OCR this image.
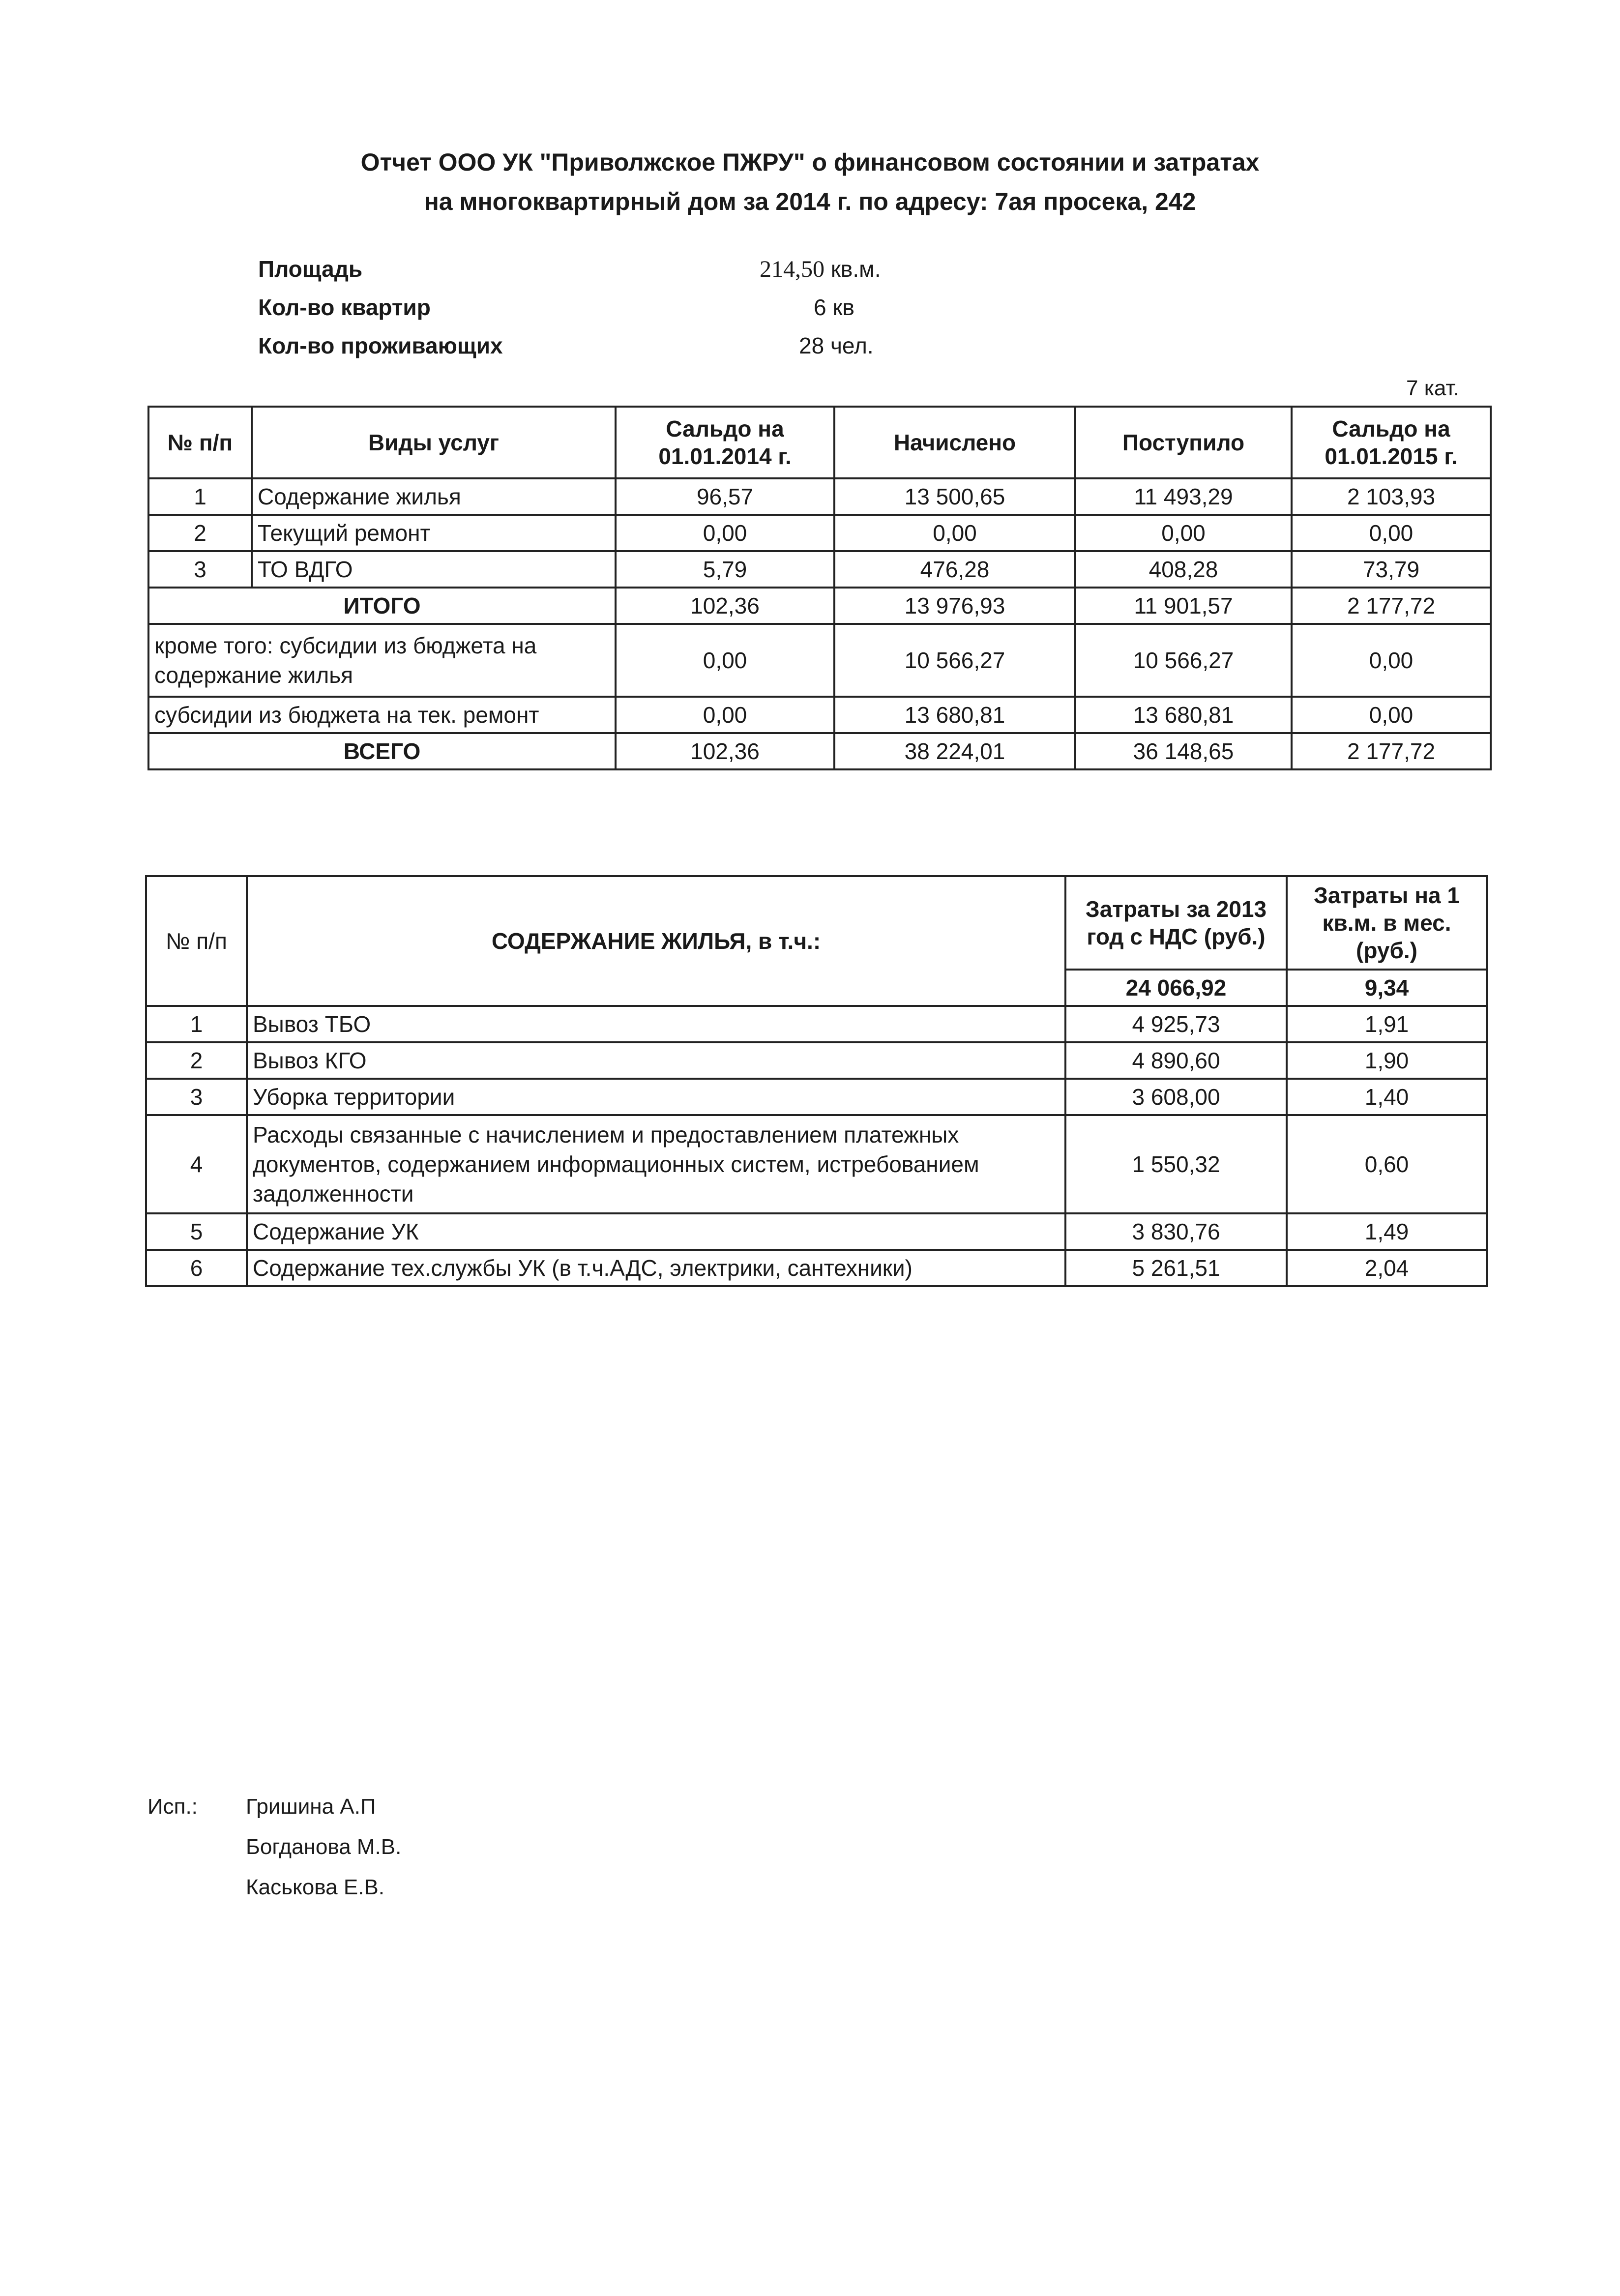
Отчет ООО УК "Приволжское ПЖРУ" о финансовом состоянии и затратах
на многоквартирный дом за 2014 г. по адресу: 7ая просека, 242
Площадь	214,50 кв.м.
Кол-во квартир	6 кв
Кол-во проживающих	28 чел.
7 кат.
№ п/п	Виды услуг	Сальдо на 01.01.2014 г.	Начислено	Поступило	Сальдо на 01.01.2015 г.
1	Содержание жилья	96,57	13 500,65	11 493,29	2 103,93
2	Текущий ремонт	0,00	0,00	0,00	0,00
3	ТО ВДГО	5,79	476,28	408,28	73,79
ИТОГО		102,36	13 976,93	11 901,57	2 177,72
кроме того: субсидии из бюджета на содержание жилья		0,00	10 566,27	10 566,27	0,00
субсидии из бюджета на тек. ремонт		0,00	13 680,81	13 680,81	0,00
ВСЕГО		102,36	38 224,01	36 148,65	2 177,72
№ п/п	СОДЕРЖАНИЕ ЖИЛЬЯ, в т.ч.:	Затраты за 2013 год с НДС (руб.)	Затраты на 1 кв.м. в мес. (руб.)
		24 066,92	9,34
1	Вывоз ТБО	4 925,73	1,91
2	Вывоз КГО	4 890,60	1,90
3	Уборка территории	3 608,00	1,40
4	Расходы связанные с начислением и предоставлением платежных документов, содержанием информационных систем, истребованием задолженности	1 550,32	0,60
5	Содержание УК	3 830,76	1,49
6	Содержание тех.службы УК (в т.ч.АДС, электрики, сантехники)	5 261,51	2,04
Исп.: Гришина А.П
Богданова М.В.
Каськова Е.В.
